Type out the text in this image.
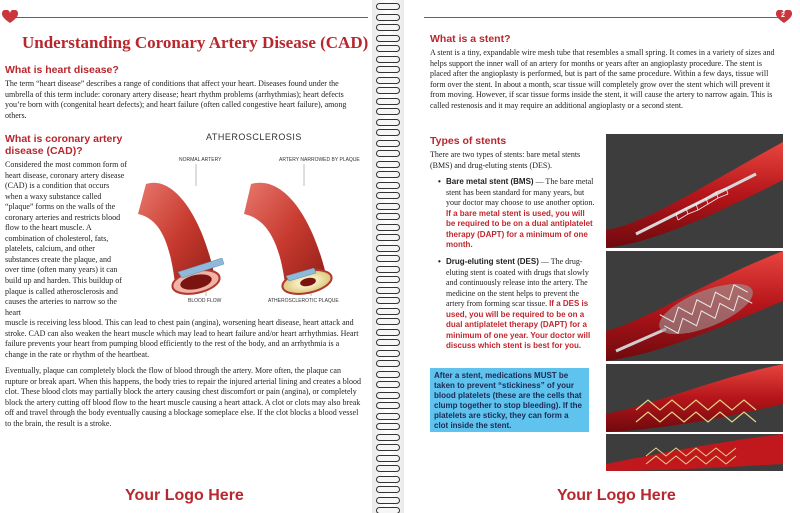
Understanding Coronary Artery Disease (CAD)
What is heart disease?
The term “heart disease” describes a range of conditions that affect your heart. Diseases found under the umbrella of this term include: coronary artery disease; heart rhythm problems (arrhythmias); heart defects you’re born with (congenital heart defects); and heart failure (often called congestive heart failure), among others.
What is coronary artery
disease (CAD)?
Considered the most common form of heart disease, coronary artery disease (CAD) is a condition that occurs when a waxy substance called “plaque” forms on the walls of the coronary arteries and restricts blood flow to the heart muscle. A combination of cholesterol, fats, platelets, calcium, and other substances create the plaque, and over time (often many years) it can build up and harden. This buildup of plaque is called atherosclerosis and causes the arteries to narrow so the heart
muscle is receiving less blood. This can lead to chest pain (angina), worsening heart disease, heart attack and stroke. CAD can also weaken the heart muscle which may lead to heart failure and/or heart arrhythmias. Heart failure prevents your heart from pumping blood efficiently to the rest of the body, and an arrhythmia is a change in the rate or rhythm of the heartbeat.
Eventually, plaque can completely block the flow of blood through the artery. More often, the plaque can rupture or break apart. When this happens, the body tries to repair the injured arterial lining and creates a blood clot. These blood clots may partially block the artery causing chest discomfort or pain (angina), or completely block the artery cutting off blood flow to the heart muscle causing a heart attack. A clot or clots may also break off and travel through the body eventually causing a blockage someplace else. If the clot blocks a blood vessel to the brain, the result is a stroke.
ATHEROSCLEROSIS
NORMAL ARTERY	ARTERY NARROWED BY PLAQUE
BLOOD FLOW	ATHEROSCLEROTIC PLAQUE
Your Logo Here
2
What is a stent?
A stent is a tiny, expandable wire mesh tube that resembles a small spring. It comes in a variety of sizes and helps support the inner wall of an artery for months or years after an angioplasty procedure. The stent is placed after the angioplasty is performed, but is part of the same procedure. Within a few days, tissue will form over the stent. In about a month, scar tissue will completely grow over the stent which will prevent it from moving. However, if scar tissue forms inside the stent, it will cause the artery to narrow again. This is called restenosis and it may require an additional angioplasty or a second stent.
Types of stents
There are two types of stents: bare metal stents (BMS) and drug-eluting stents (DES).
• Bare metal stent (BMS) — The bare metal stent has been standard for many years, but your doctor may choose to use another option. If a bare metal stent is used, you will be required to be on a dual antiplatelet therapy (DAPT) for a minimum of one month.
• Drug-eluting stent (DES) — The drug-eluting stent is coated with drugs that slowly and continuously release into the artery. The medicine on the stent helps to prevent the artery from forming scar tissue. If a DES is used, you will be required to be on a dual antiplatelet therapy (DAPT) for a minimum of one year. Your doctor will discuss which stent is best for you.
Your Logo Here
After a stent, medications MUST be taken to prevent “stickiness” of your blood platelets (these are the cells that clump together to stop bleeding). If the platelets are sticky, they can form a clot inside the stent.
